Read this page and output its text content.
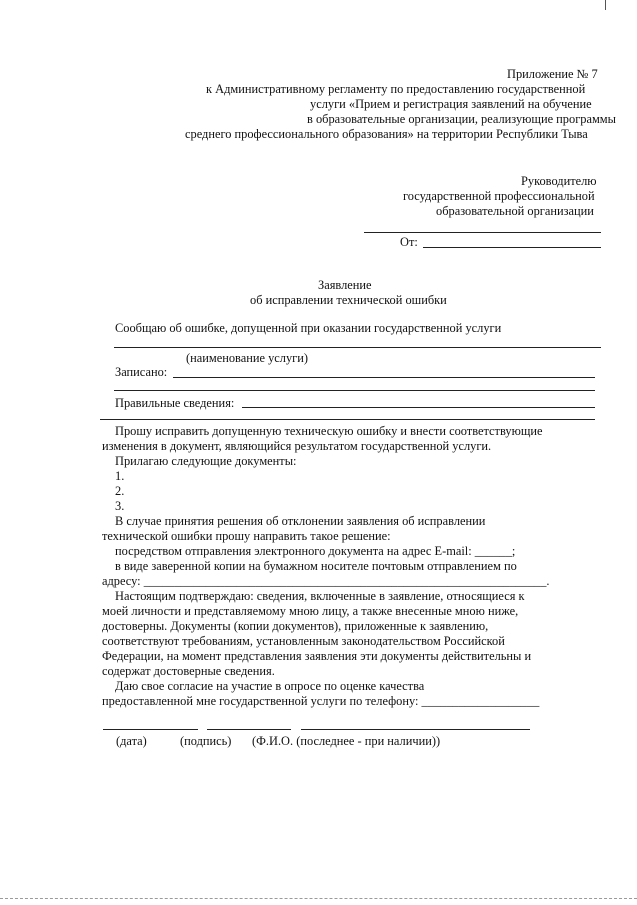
Приложение № 7
к Административному регламенту по предоставлению государственной
услуги «Прием и регистрация заявлений на обучение
в образовательные организации, реализующие программы
среднего профессионального образования» на территории Республики Тыва
Руководителю
государственной профессиональной
образовательной организации
От:
Заявление
об исправлении технической ошибки
Сообщаю об ошибке, допущенной при оказании государственной услуги
(наименование услуги)
Записано:
Правильные сведения:
Прошу исправить допущенную техническую ошибку и внести соответствующие
изменения в документ, являющийся результатом государственной услуги.
Прилагаю следующие документы:
1.
2.
3.
В случае принятия решения об отклонении заявления об исправлении
технической ошибки прошу направить такое решение:
посредством отправления электронного документа на адрес E-mail: ______;
в виде заверенной копии на бумажном носителе почтовым отправлением по
адресу: _________________________________________________________________.
Настоящим подтверждаю: сведения, включенные в заявление, относящиеся к
моей личности и представляемому мною лицу, а также внесенные мною ниже,
достоверны. Документы (копии документов), приложенные к заявлению,
соответствуют требованиям, установленным законодательством Российской
Федерации, на момент представления заявления эти документы действительны и
содержат достоверные сведения.
Даю свое согласие на участие в опросе по оценке качества
предоставленной мне государственной услуги по телефону: ___________________
(дата)	(подпись) (Ф.И.О. (последнее - при наличии))
